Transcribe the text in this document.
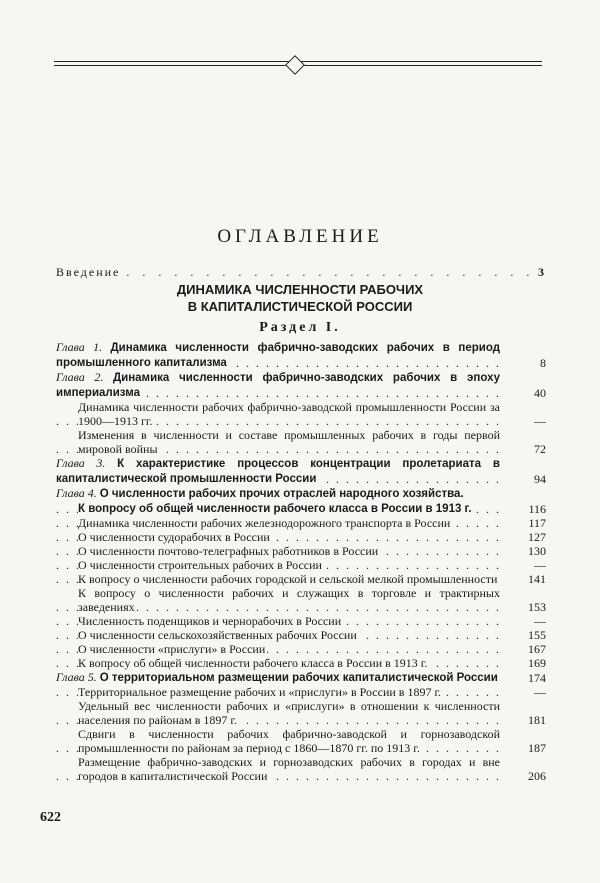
ОГЛАВЛЕНИЕ
Введение . . .	3
ДИНАМИКА ЧИСЛЕННОСТИ РАБОЧИХ
В КАПИТАЛИСТИЧЕСКОЙ РОССИИ
Раздел I.
Глава 1. Динамика численности фабрично-заводских рабочих в период промышленного капитализма . . .	8
Глава 2. Динамика численности фабрично-заводских рабочих в эпоху империализма . . .	40
Динамика численности рабочих фабрично-заводской промышленности России за 1900—1913 гг. . . .	—
Изменения в численности и составе промышленных рабочих в годы первой мировой войны . . .	72
Глава 3. К характеристике процессов концентрации пролетариата в капиталистической промышленности России . . .	94
Глава 4. О численности рабочих прочих отраслей народного хозяйства.
К вопросу об общей численности рабочего класса в России в 1913 г. . . .	116
Динамика численности рабочих железнодорожного транспорта в России . . .	117
О численности судорабочих в России . . .	127
О численности почтово-телеграфных работников в России . . .	130
О численности строительных рабочих в России . . .	—
К вопросу о численности рабочих городской и сельской мелкой промышленности . . .	141
К вопросу о численности рабочих и служащих в торговле и трактирных заведениях . . .	153
Численность поденщиков и чернорабочих в России . . .	—
О численности сельскохозяйственных рабочих России . . .	155
О численности «прислуги» в России . . .	167
К вопросу об общей численности рабочего класса в России в 1913 г. . . .	169
Глава 5. О территориальном размещении рабочих капиталистической России . . .	174
Территориальное размещение рабочих и «прислуги» в России в 1897 г. . . .	—
Удельный вес численности рабочих и «прислуги» в отношении к численности населения по районам в 1897 г. . . .	181
Сдвиги в численности рабочих фабрично-заводской и горнозаводской промышленности по районам за период с 1860—1870 гг. по 1913 г. . . .	187
Размещение фабрично-заводских и горнозаводских рабочих в городах и вне городов в капиталистической России . . .	206
622
